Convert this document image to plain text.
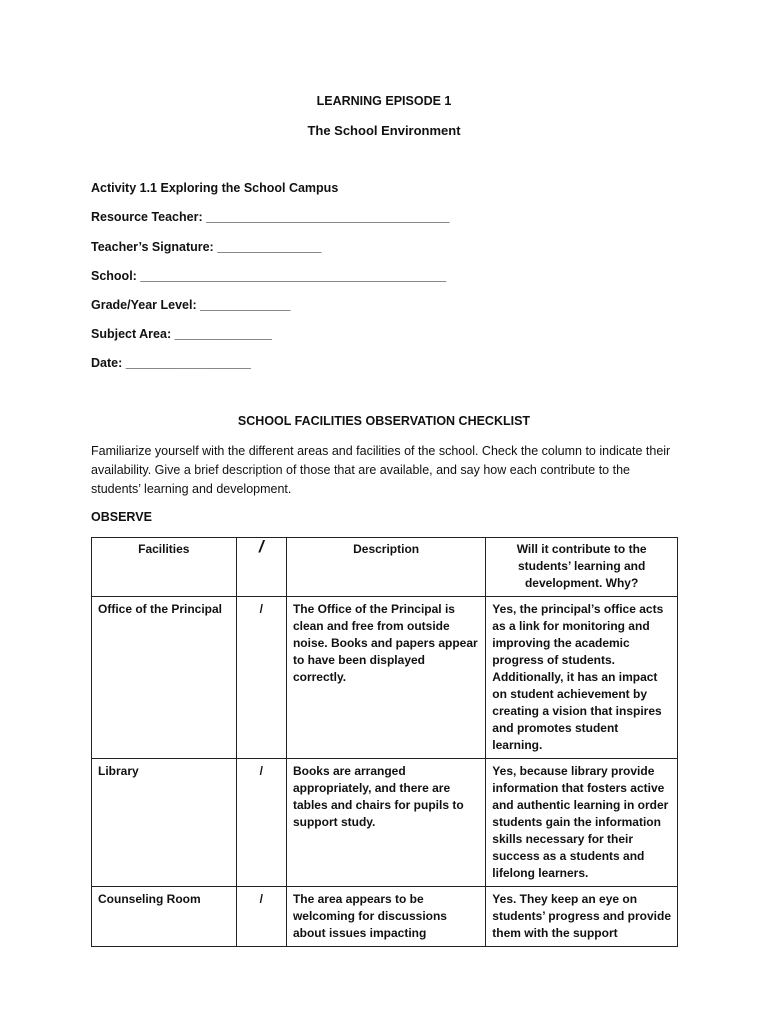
LEARNING EPISODE 1
The School Environment
Activity 1.1 Exploring the School Campus
Resource Teacher: ___________________________________
Teacher’s Signature: _______________
School: ____________________________________________
Grade/Year Level: _____________
Subject Area: ______________
Date: __________________
SCHOOL FACILITIES OBSERVATION CHECKLIST
Familiarize yourself with the different areas and facilities of the school. Check the column to indicate their availability. Give a brief description of those that are available, and say how each contribute to the students’ learning and development.
OBSERVE
Facilities	/	Description	Will it contribute to the students’ learning and development. Why?
Office of the Principal	/	The Office of the Principal is clean and free from outside noise. Books and papers appear to have been displayed correctly.	Yes, the principal’s office acts as a link for monitoring and improving the academic progress of students. Additionally, it has an impact on student achievement by creating a vision that inspires and promotes student learning.
Library	/	Books are arranged appropriately, and there are tables and chairs for pupils to support study.	Yes, because library provide information that fosters active and authentic learning in order students gain the information skills necessary for their success as a students and lifelong learners.
Counseling Room	/	The area appears to be welcoming for discussions about issues impacting	Yes. They keep an eye on students’ progress and provide them with the support
